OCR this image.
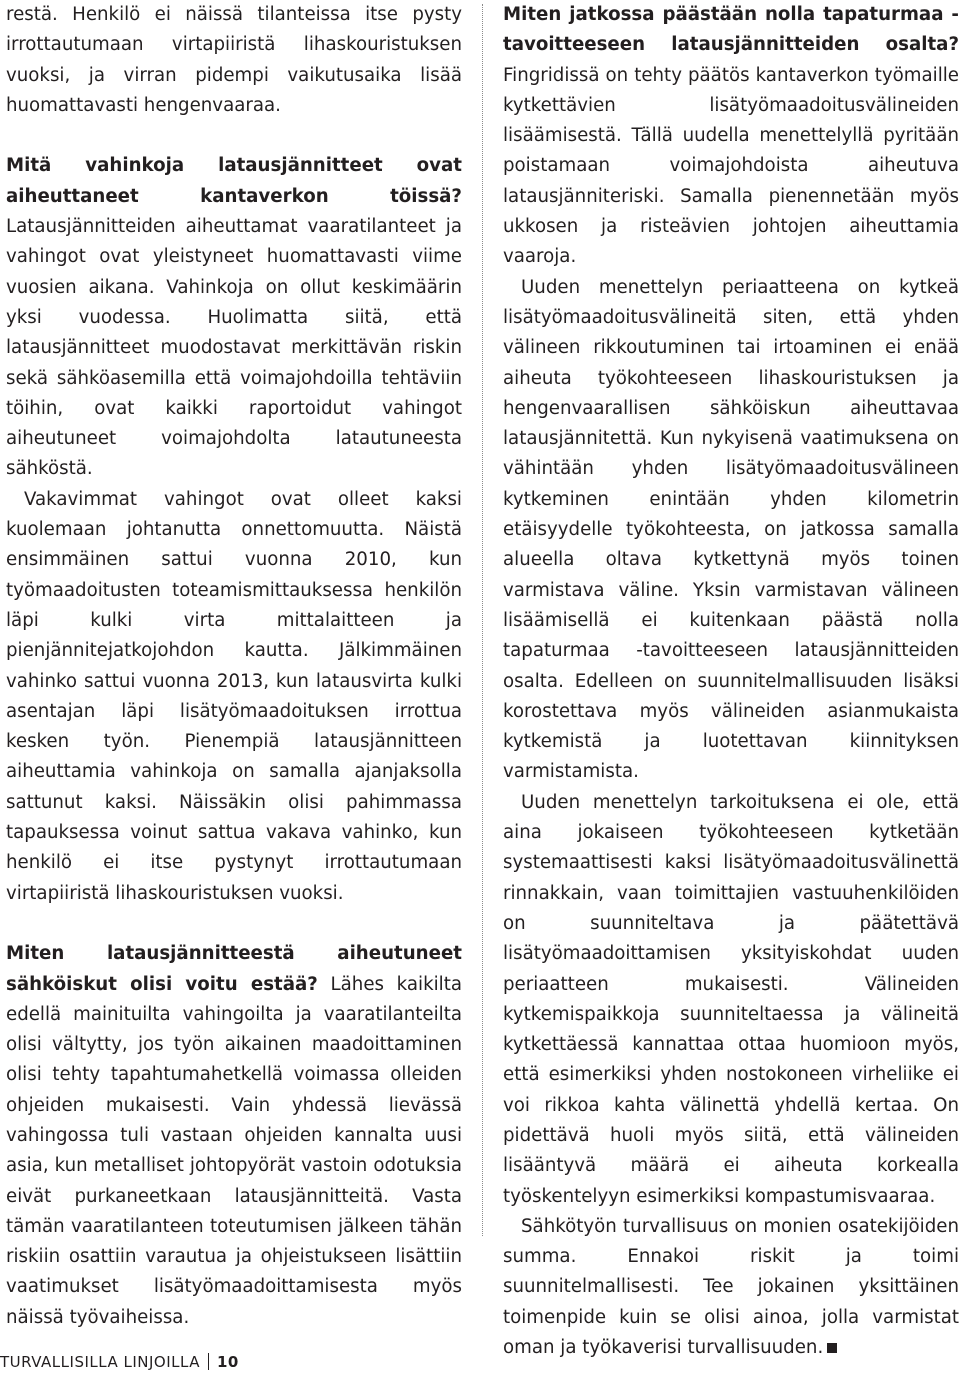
restä. Henkilö ei näissä tilanteissa itse pysty irrottautumaan virtapiiristä lihaskouristuksen vuoksi, ja virran pidempi vaikutusaika lisää huomattavasti hengenvaaraa.

Mitä vahinkoja latausjännitteet ovat aiheuttaneet kantaverkon töissä? Latausjännitteiden aiheuttamat vaaratilanteet ja vahingot ovat yleistyneet huomattavasti viime vuosien aikana. Vahinkoja on ollut keskimäärin yksi vuodessa. Huolimatta siitä, että latausjännitteet muodostavat merkittävän riskin sekä sähköasemilla että voimajohdoilla tehtäviin töihin, ovat kaikki raportoidut vahingot aiheutuneet voimajohdolta latautuneesta sähköstä.

Vakavimmat vahingot ovat olleet kaksi kuolemaan johtanutta onnettomuutta. Näistä ensimmäinen sattui vuonna 2010, kun työmaadoitusten toteamismittauksessa henkilön läpi kulki virta mittalaitteen ja pienjännitejatkojohdon kautta. Jälkimmäinen vahinko sattui vuonna 2013, kun latausvirta kulki asentajan läpi lisätyömaadoituksen irrottua kesken työn. Pienempiä latausjännitteen aiheuttamia vahinkoja on samalla ajanjaksolla sattunut kaksi. Näissäkin olisi pahimmassa tapauksessa voinut sattua vakava vahinko, kun henkilö ei itse pystynyt irrottautumaan virtapiiristä lihaskouristuksen vuoksi.

Miten latausjännitteestä aiheutuneet sähköiskut olisi voitu estää? Lähes kaikilta edellä mainituilta vahingoilta ja vaaratilanteilta olisi vältytty, jos työn aikainen maadoittaminen olisi tehty tapahtumahetkellä voimassa olleiden ohjeiden mukaisesti. Vain yhdessä lievässä vahingossa tuli vastaan ohjeiden kannalta uusi asia, kun metalliset johtopyörät vastoin odotuksia eivät purkaneetkaan latausjännitteitä. Vasta tämän vaaratilanteen toteutumisen jälkeen tähän riskiin osattiin varautua ja ohjeistukseen lisättiin vaatimukset lisätyömaadoittamisesta myös näissä työvaiheissa.

Miten jatkossa päästään nolla tapaturmaa -tavoitteeseen latausjännitteiden osalta? Fingridissä on tehty päätös kantaverkon työmaille kytkettävien lisätyömaadoitusvälineiden lisäämisestä. Tällä uudella menettelyllä pyritään poistamaan voimajohdoista aiheutuva latausjänniteriski. Samalla pienennetään myös ukkosen ja risteävien johtojen aiheuttamia vaaroja.

Uuden menettelyn periaatteena on kytkeä lisätyömaadoitusvälineitä siten, että yhden välineen rikkoutuminen tai irtoaminen ei enää aiheuta työkohteeseen lihaskouristuksen ja hengenvaarallisen sähköiskun aiheuttavaa latausjännitettä. Kun nykyisenä vaatimuksena on vähintään yhden lisätyömaadoitusvälineen kytkeminen enintään yhden kilometrin etäisyydelle työkohteesta, on jatkossa samalla alueella oltava kytkettynä myös toinen varmistava väline. Yksin varmistavan välineen lisäämisellä ei kuitenkaan päästä nolla tapaturmaa -tavoitteeseen latausjännitteiden osalta. Edelleen on suunnitelmallisuuden lisäksi korostettava myös välineiden asianmukaista kytkemistä ja luotettavan kiinnityksen varmistamista.

Uuden menettelyn tarkoituksena ei ole, että aina jokaiseen työkohteeseen kytketään systemaattisesti kaksi lisätyömaadoitusvälinettä rinnakkain, vaan toimittajien vastuuhenkilöiden on suunniteltava ja päätettävä lisätyömaadoittamisen yksityiskohdat uuden periaatteen mukaisesti. Välineiden kytkemispaikkoja suunniteltaessa ja välineitä kytkettäessä kannattaa ottaa huomioon myös, että esimerkiksi yhden nostokoneen virheliike ei voi rikkoa kahta välinettä yhdellä kertaa. On pidettävä huoli myös siitä, että välineiden lisääntyvä määrä ei aiheuta korkealla työskentelyyn esimerkiksi kompastumisvaaraa.

Sähkötyön turvallisuus on monien osatekijöiden summa. Ennakoi riskit ja toimi suunnitelmallisesti. Tee jokainen yksittäinen toimenpide kuin se olisi ainoa, jolla varmistat oman ja työkaverisi turvallisuuden.

TURVALLISILLA LINJOILLA 10
